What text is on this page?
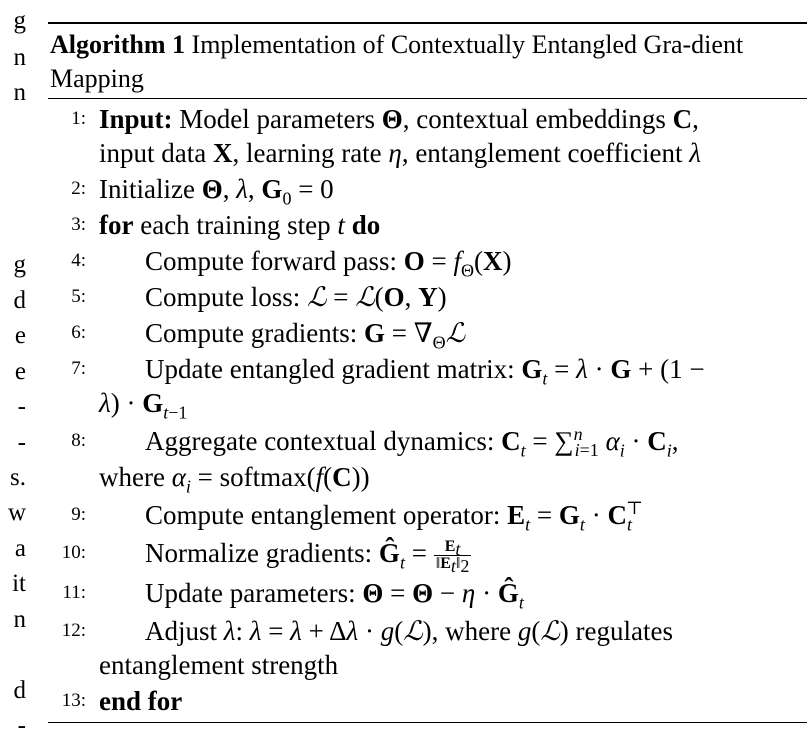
g
n
n
g
d
e
e
-
-
s.
w
a
it
n
d
-
Algorithm 1 Implementation of Contextually Entangled Gra-dient Mapping
1: Input: Model parameters Θ, contextual embeddings C,
input data X, learning rate η, entanglement coefficient λ
2: Initialize Θ, λ, $G_0 = 0$
3: for each training step t do
4: Compute forward pass: $O = f_\Theta(X)$
5: Compute loss: ℒ = ℒ(O, Y)
6: Compute gradients: $G = \nabla_\Theta ℒ$
7: Update entangled gradient matrix: $G_t = \lambda \cdot G + (1$ −
$\lambda) \cdot G_{t-1}$
8: Aggregate contextual dynamics: $C_t = \sum^n_{i=1}$ $\alpha_i \cdot C_i$,
where $\alpha_i$ = softmax(f(C))
9: Compute entanglement operator: $E_t = G_t \cdot C_t^⊤$
10: Normalize gradients: $Ĝ_t = \frac{E_t}{‖E_t‖_2}$
11: Update parameters: $\Theta = \Theta - \eta \cdot Ĝ_t$
12: Adjust λ: λ = λ + Δλ · g(ℒ), where g(ℒ) regulates
entanglement strength
13: end for
